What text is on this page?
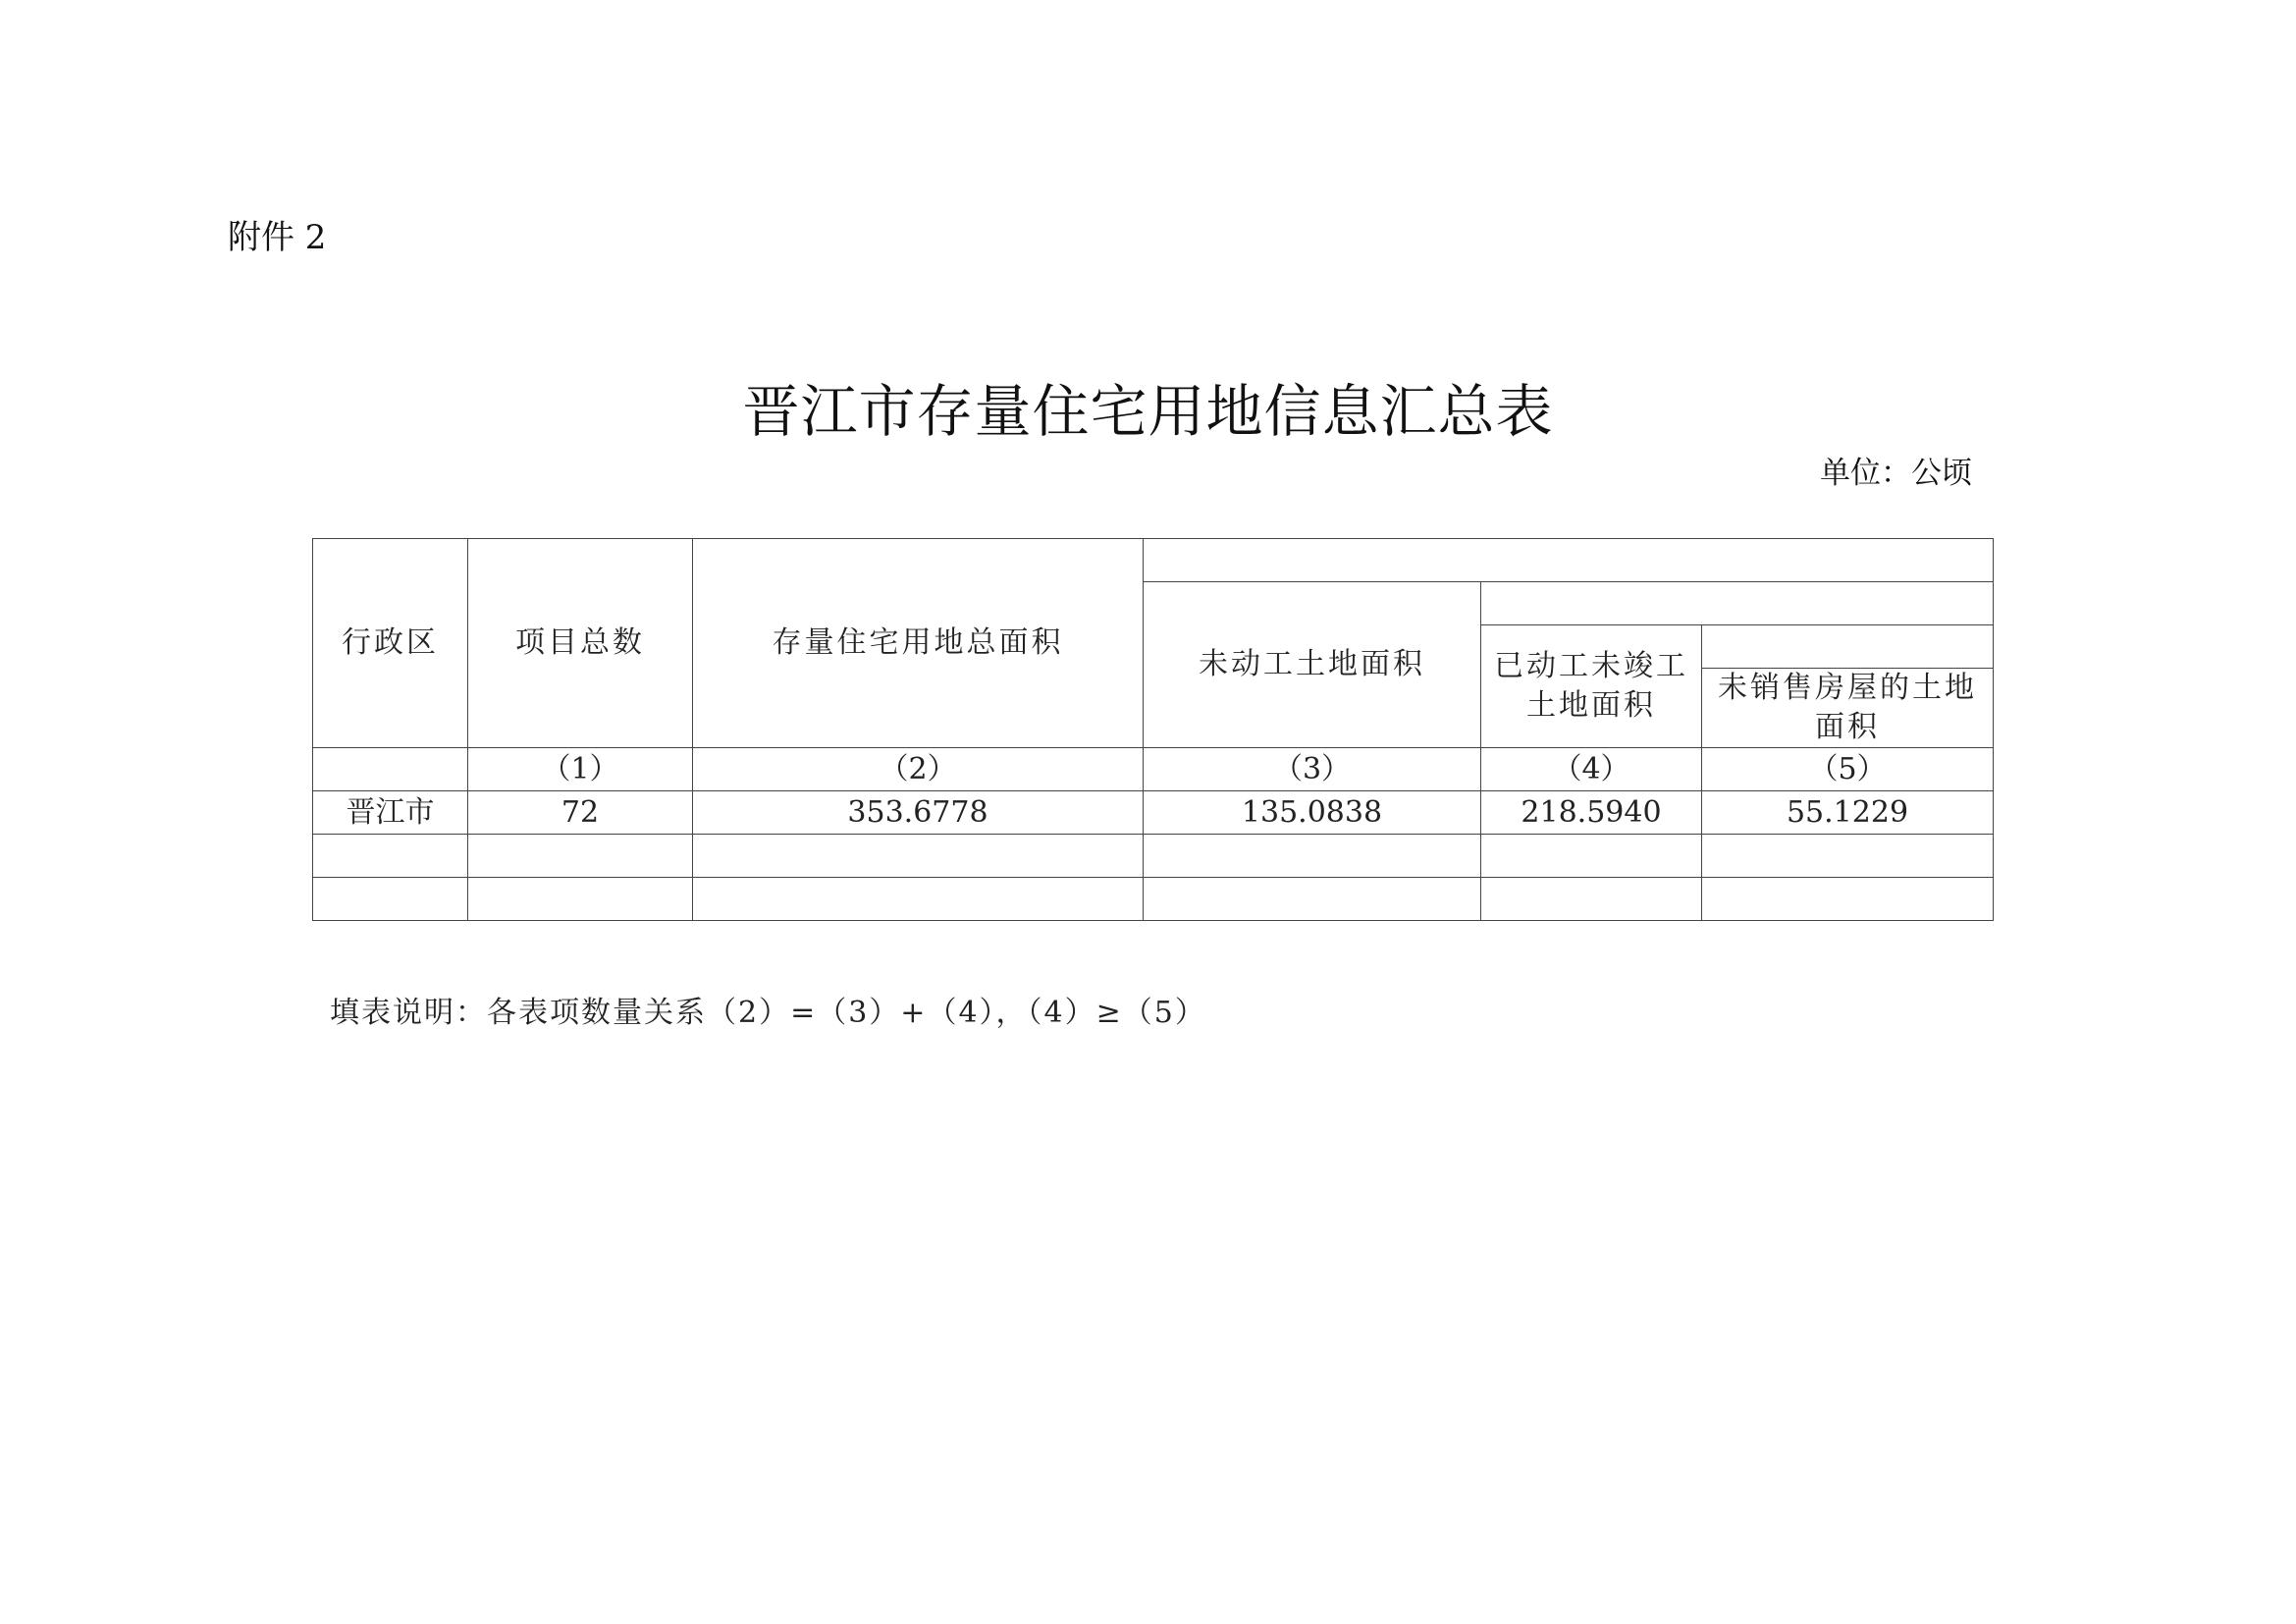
附件 2
晋江市存量住宅用地信息汇总表
单位：公顷
行政区	项目总数	存量住宅用地总面积			
			未动工土地面积		
				已动工未竣工土地面积	
					未销售房屋的土地面积

	（1）	（2）	（3）	（4）	（5）
晋江市	72	353.6778	135.0838	218.5940	55.1229

填表说明：各表项数量关系（2）=（3）+（4），（4）≥（5）
